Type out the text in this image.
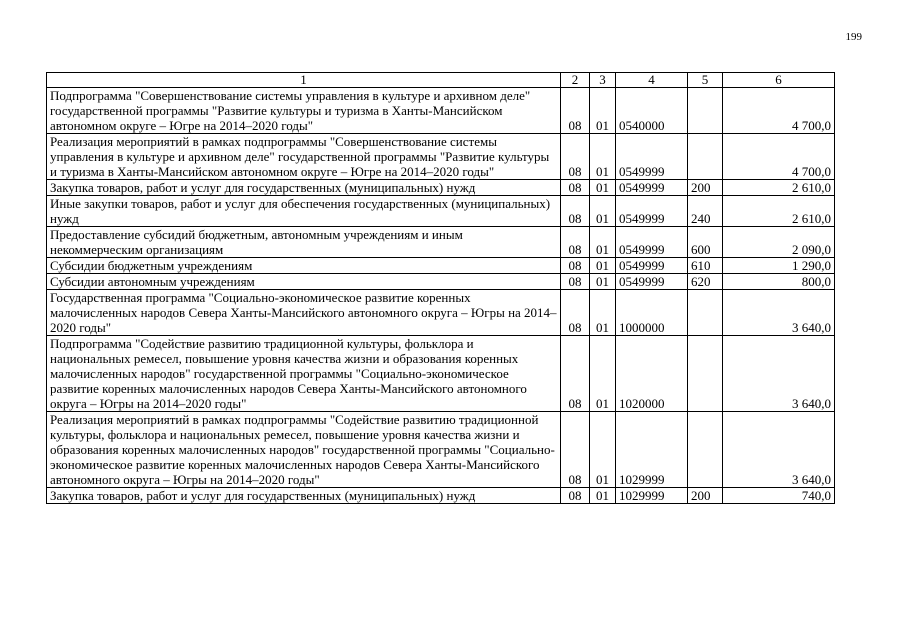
199
1	2	3	4	5	6
Подпрограмма "Совершенствование системы управления в культуре и архивном деле" государственной программы "Развитие культуры и туризма в Ханты-Мансийском автономном округе – Югре на 2014–2020 годы"	08	01	0540000		4 700,0
Реализация мероприятий в рамках подпрограммы "Совершенствование системы управления в культуре и архивном деле" государственной программы "Развитие культуры и туризма в Ханты-Мансийском автономном округе – Югре на 2014–2020 годы"	08	01	0549999		4 700,0
Закупка товаров, работ и услуг для государственных (муниципальных) нужд	08	01	0549999	200	2 610,0
Иные закупки товаров, работ и услуг для обеспечения государственных (муниципальных) нужд	08	01	0549999	240	2 610,0
Предоставление субсидий бюджетным, автономным учреждениям и иным некоммерческим организациям	08	01	0549999	600	2 090,0
Субсидии бюджетным учреждениям	08	01	0549999	610	1 290,0
Субсидии автономным учреждениям	08	01	0549999	620	800,0
Государственная программа "Социально-экономическое развитие коренных малочисленных народов Севера Ханты-Мансийского автономного округа – Югры на 2014–2020 годы"	08	01	1000000		3 640,0
Подпрограмма "Содействие развитию традиционной культуры, фольклора и национальных ремесел, повышение уровня качества жизни и образования коренных малочисленных народов" государственной программы "Социально-экономическое развитие коренных малочисленных народов Севера Ханты-Мансийского автономного округа – Югры на 2014–2020 годы"	08	01	1020000		3 640,0
Реализация мероприятий в рамках подпрограммы "Содействие развитию традиционной культуры, фольклора и национальных ремесел, повышение уровня качества жизни и образования коренных малочисленных народов" государственной программы "Социально-экономическое развитие коренных малочисленных народов Севера Ханты-Мансийского автономного округа – Югры на 2014–2020 годы"	08	01	1029999		3 640,0
Закупка товаров, работ и услуг для государственных (муниципальных) нужд	08	01	1029999	200	740,0
